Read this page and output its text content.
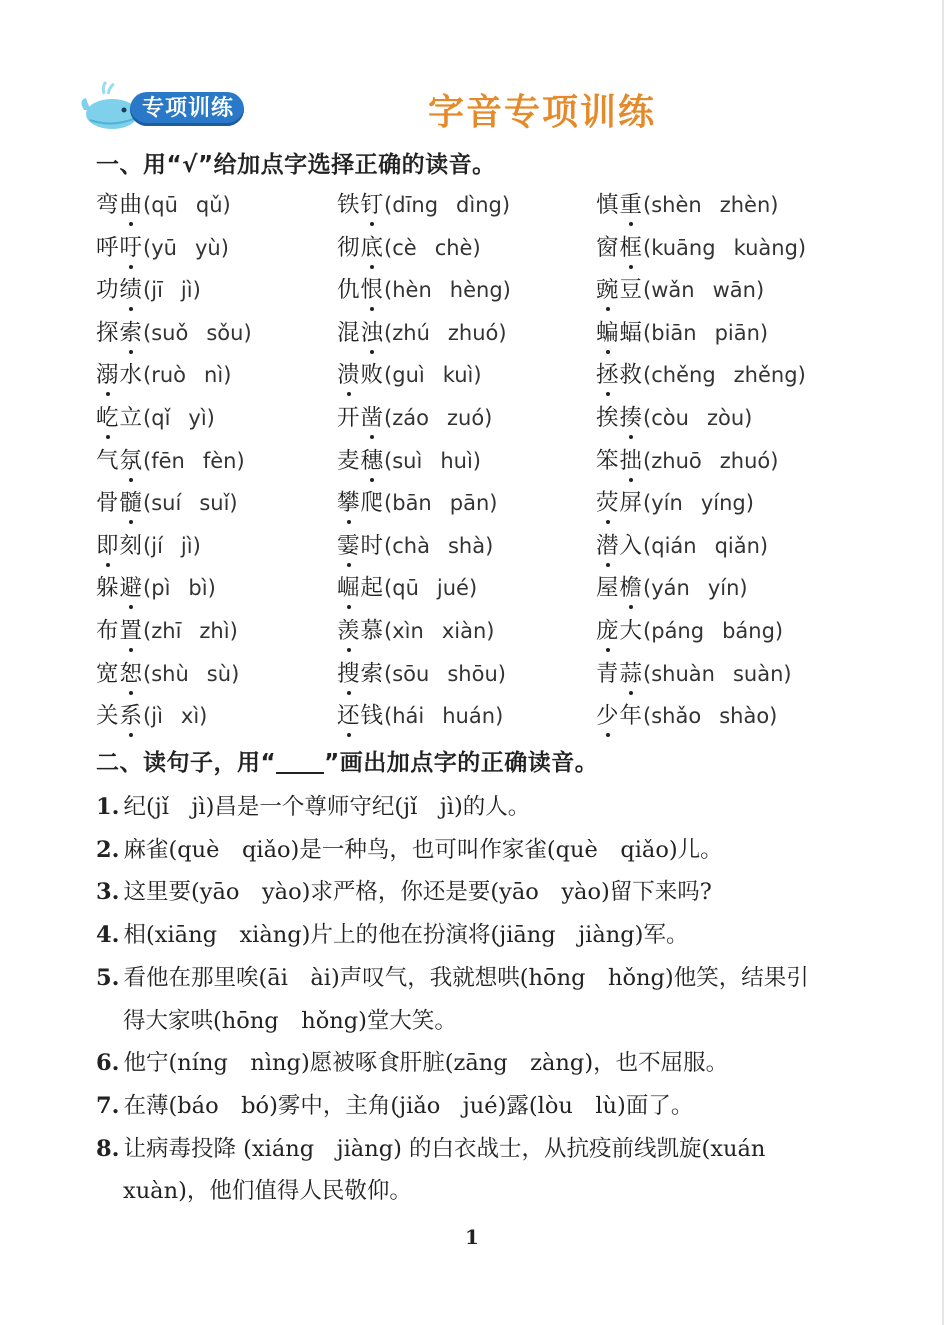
专项训练	字音专项训练
一、用“√”给加点字选择正确的读音。
弯曲(qū qǔ)	铁钉(dīng dìng)	慎重(shèn zhèn)
呼吁(yū yù)	彻底(cè chè)	窗框(kuāng kuàng)
功绩(jī jì)	仇恨(hèn hèng)	豌豆(wǎn wān)
探索(suǒ sǒu)	混浊(zhú zhuó)	蝙蝠(biān piān)
溺水(ruò nì)	溃败(guì kuì)	拯救(chěng zhěng)
屹立(qǐ yì)	开凿(záo zuó)	挨揍(còu zòu)
气氛(fēn fèn)	麦穗(suì huì)	笨拙(zhuō zhuó)
骨髓(suí suǐ)	攀爬(bān pān)	荧屏(yín yíng)
即刻(jí jì)	霎时(chà shà)	潜入(qián qiǎn)
躲避(pì bì)	崛起(qū jué)	屋檐(yán yín)
布置(zhī zhì)	羡慕(xìn xiàn)	庞大(páng báng)
宽恕(shù sù)	搜索(sōu shōu)	青蒜(shuàn suàn)
关系(jì xì)	还钱(hái huán)	少年(shǎo shào)
二、读句子，用“ ”画出加点字的正确读音。
1. 纪(jǐ　jì)昌是一个尊师守纪(jǐ　jì)的人。
2. 麻雀(què　qiǎo)是一种鸟，也可叫作家雀(què　qiǎo)儿。
3. 这里要(yāo　yào)求严格，你还是要(yāo　yào)留下来吗?
4. 相(xiāng　xiàng)片上的他在扮演将(jiāng　jiàng)军。
5. 看他在那里唉(āi　ài)声叹气，我就想哄(hōng　hǒng)他笑，结果引
得大家哄(hōng　hǒng)堂大笑。
6. 他宁(níng　nìng)愿被啄食肝脏(zāng　zàng)，也不屈服。
7. 在薄(báo　bó)雾中，主角(jiǎo　jué)露(lòu　lù)面了。
8. 让病毒投降 (xiáng　jiàng) 的白衣战士，从抗疫前线凯旋(xuán
xuàn)，他们值得人民敬仰。
1
